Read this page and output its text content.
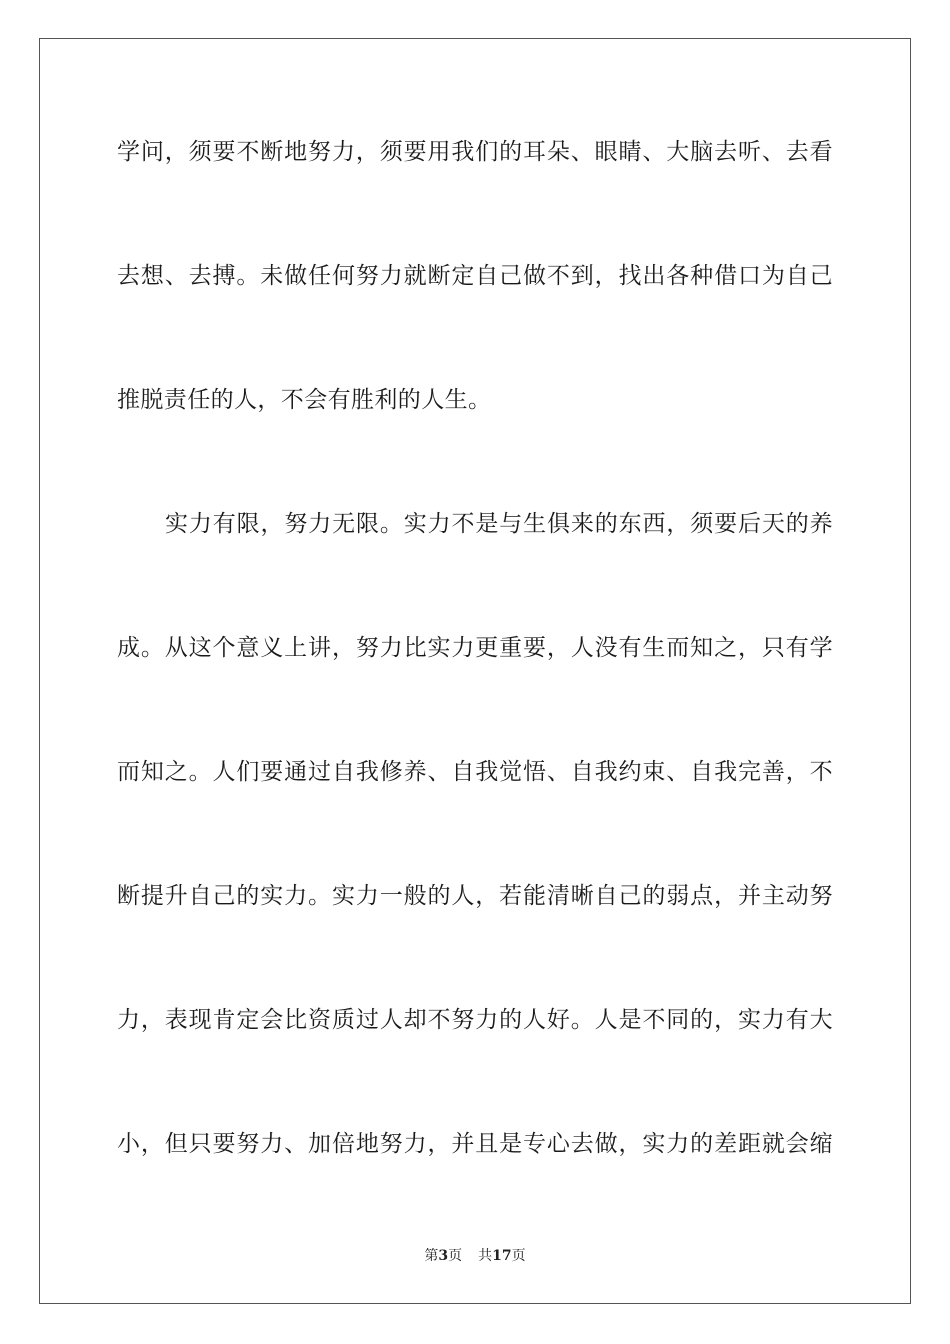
学问，须要不断地努力，须要用我们的耳朵、眼睛、大脑去听、去看
去想、去搏。未做任何努力就断定自己做不到，找出各种借口为自己
推脱责任的人，不会有胜利的人生。
实力有限，努力无限。实力不是与生俱来的东西，须要后天的养
成。从这个意义上讲，努力比实力更重要，人没有生而知之，只有学
而知之。人们要通过自我修养、自我觉悟、自我约束、自我完善，不
断提升自己的实力。实力一般的人，若能清晰自己的弱点，并主动努
力，表现肯定会比资质过人却不努力的人好。人是不同的，实力有大
小，但只要努力、加倍地努力，并且是专心去做，实力的差距就会缩
第3页 共17页
